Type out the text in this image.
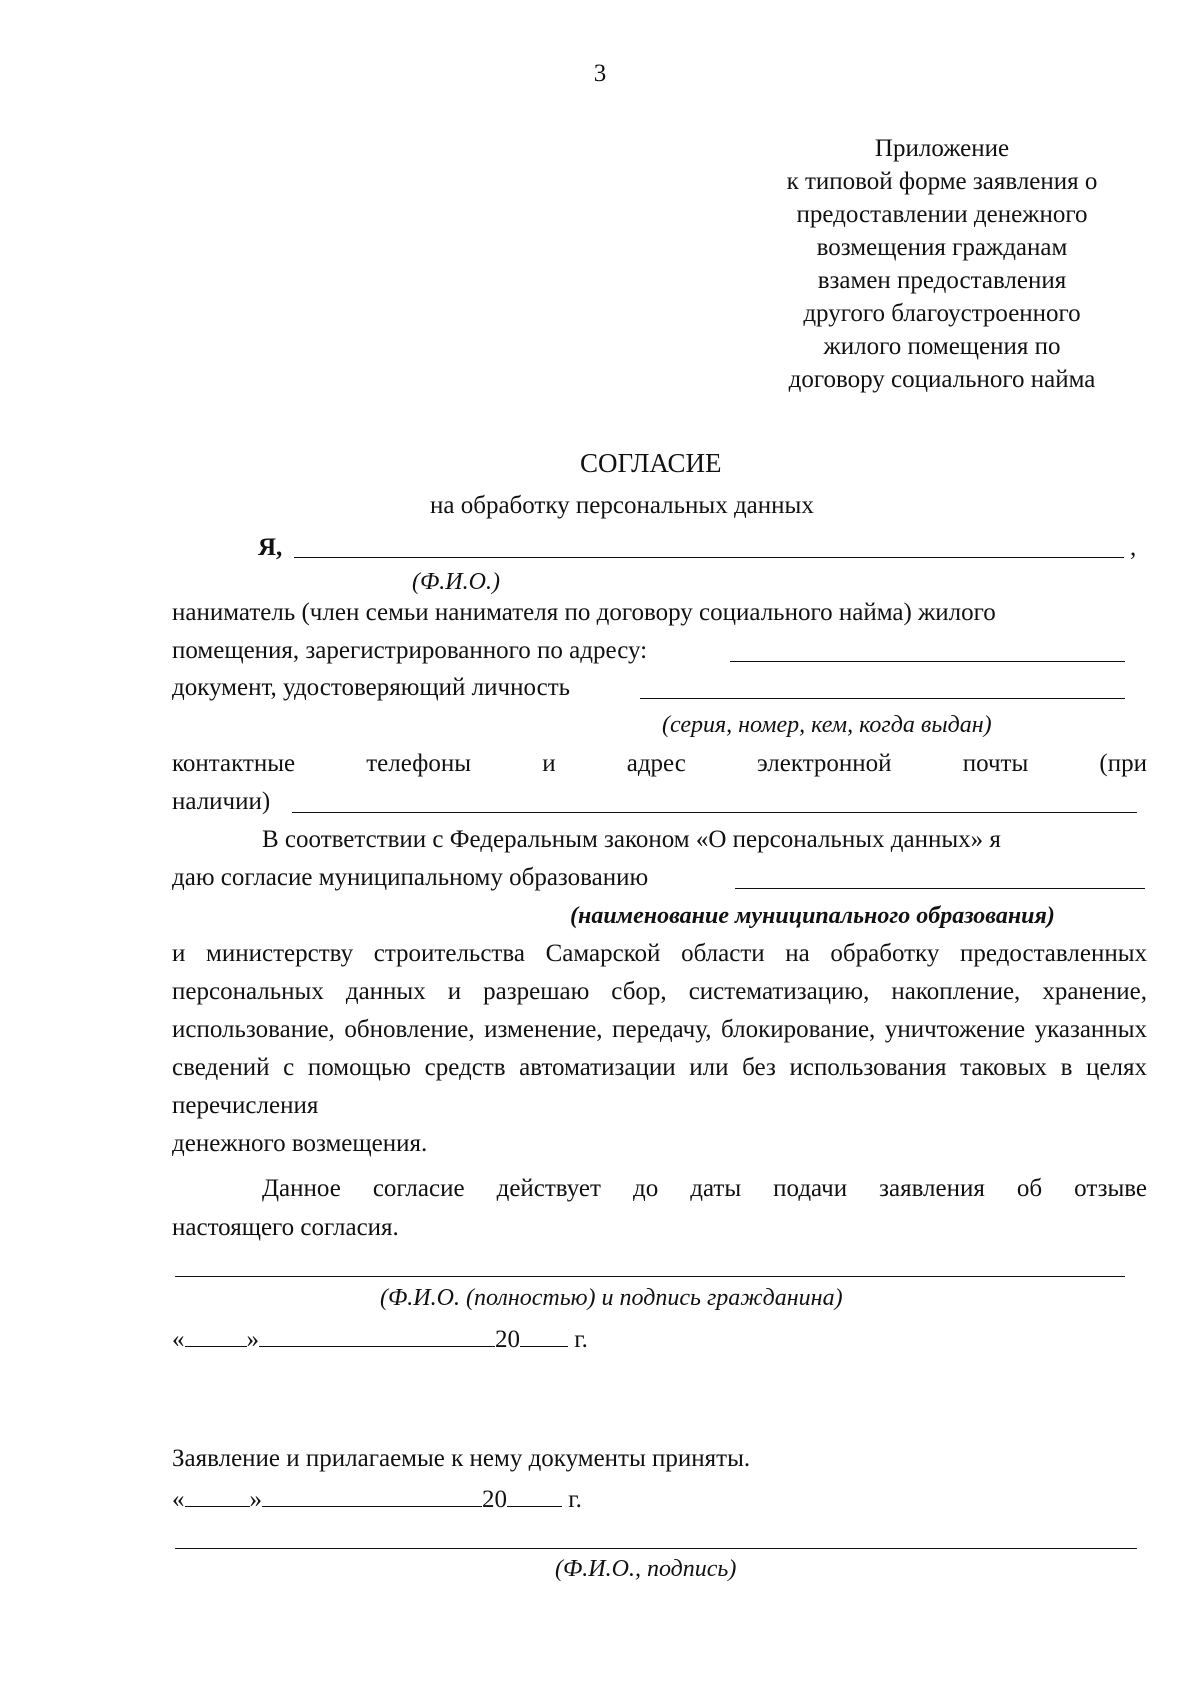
3
Приложение
к типовой форме заявления о
предоставлении денежного
возмещения гражданам
взамен предоставления
другого благоустроенного
жилого помещения по
договору социального найма
СОГЛАСИЕ
на обработку персональных данных
Я,	,
(Ф.И.О.)
наниматель (член семьи нанимателя по договору социального найма) жилого
помещения, зарегистрированного по адресу:
документ, удостоверяющий личность
(серия, номер, кем, когда выдан)
контактные телефоны и адрес электронной почты (при
наличии)
В соответствии с Федеральным законом «О персональных данных» я
даю согласие муниципальному образованию
(наименование муниципального образования)
и министерству строительства Самарской области на обработку предоставленных персональных данных и разрешаю сбор, систематизацию, накопление, хранение, использование, обновление, изменение, передачу, блокирование, уничтожение указанных сведений с помощью средств автоматизации или без использования таковых в целях перечисления
денежного возмещения.
Данное согласие действует до даты подачи заявления об отзыве
настоящего согласия.
(Ф.И.О. (полностью) и подпись гражданина)
« »	20 г.
Заявление и прилагаемые к нему документы приняты.
«	»	20 г.
(Ф.И.О., подпись)
